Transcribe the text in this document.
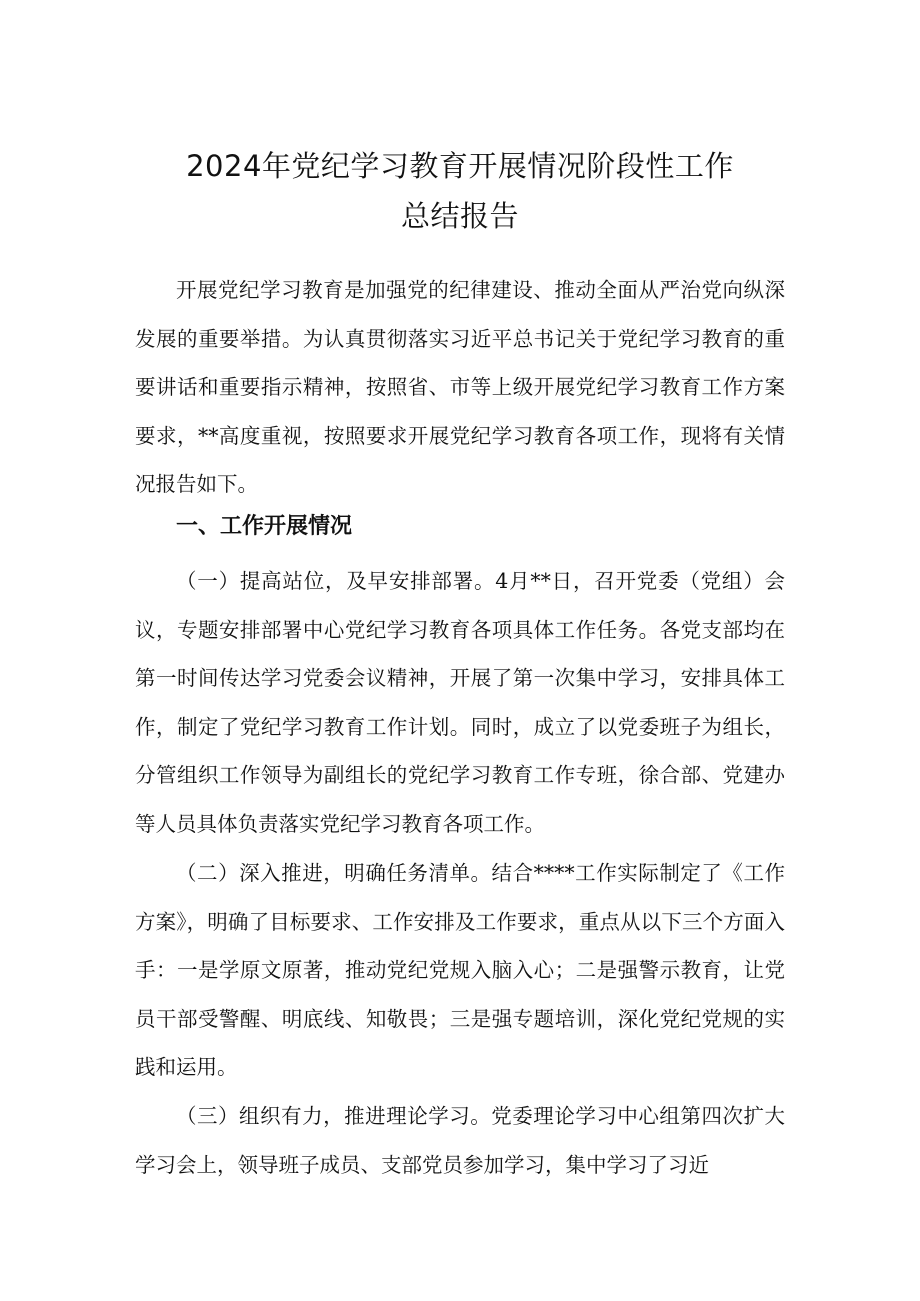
2024年党纪学习教育开展情况阶段性工作
总结报告

开展党纪学习教育是加强党的纪律建设、推动全面从严治党向纵深发展的重要举措。为认真贯彻落实习近平总书记关于党纪学习教育的重要讲话和重要指示精神，按照省、市等上级开展党纪学习教育工作方案要求，**高度重视，按照要求开展党纪学习教育各项工作，现将有关情况报告如下。

一、工作开展情况

（一）提高站位，及早安排部署。4月**日，召开党委（党组）会议，专题安排部署中心党纪学习教育各项具体工作任务。各党支部均在第一时间传达学习党委会议精神，开展了第一次集中学习，安排具体工作，制定了党纪学习教育工作计划。同时，成立了以党委班子为组长，分管组织工作领导为副组长的党纪学习教育工作专班，徐合部、党建办等人员具体负责落实党纪学习教育各项工作。

（二）深入推进，明确任务清单。结合****工作实际制定了《工作方案》，明确了目标要求、工作安排及工作要求，重点从以下三个方面入手：一是学原文原著，推动党纪党规入脑入心；二是强警示教育，让党员干部受警醒、明底线、知敬畏；三是强专题培训，深化党纪党规的实践和运用。

（三）组织有力，推进理论学习。党委理论学习中心组第四次扩大学习会上，领导班子成员、支部党员参加学习，集中学习了习近
